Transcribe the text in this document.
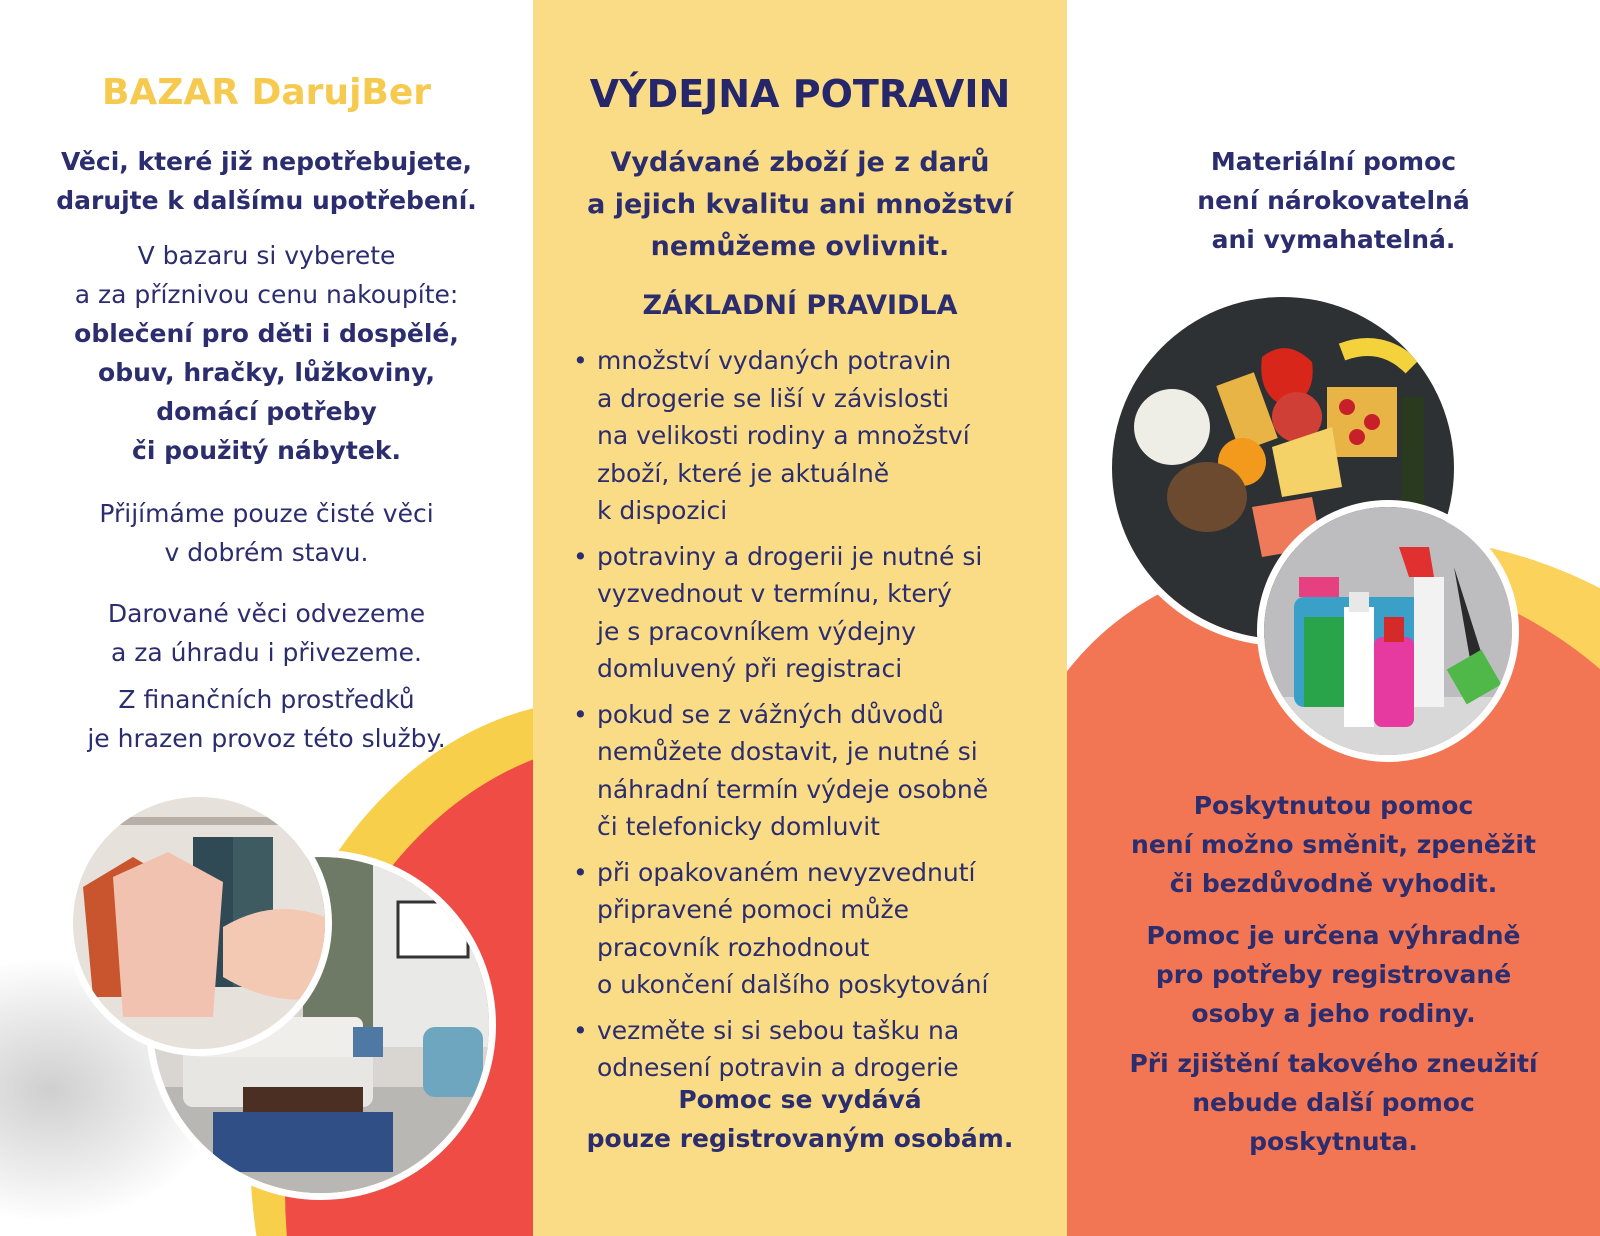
BAZAR DarujBer
Věci, které již nepotřebujete,
darujte k dalšímu upotřebení.
V bazaru si vyberete
a za příznivou cenu nakoupíte:
oblečení pro děti i dospělé,
obuv, hračky, lůžkoviny,
domácí potřeby
či použitý nábytek.
Přijímáme pouze čisté věci
v dobrém stavu.
Darované věci odvezeme
a za úhradu i přivezeme.
Z finančních prostředků
je hrazen provoz této služby.
VÝDEJNA POTRAVIN
Vydávané zboží je z darů
a jejich kvalitu ani množství
nemůžeme ovlivnit.
ZÁKLADNÍ PRAVIDLA
• množství vydaných potravin
a drogerie se liší v závislosti
na velikosti rodiny a množství
zboží, které je aktuálně
k dispozici
• potraviny a drogerii je nutné si
vyzvednout v termínu, který
je s pracovníkem výdejny
domluvený při registraci
• pokud se z vážných důvodů
nemůžete dostavit, je nutné si
náhradní termín výdeje osobně
či telefonicky domluvit
• při opakovaném nevyzvednutí
připravené pomoci může
pracovník rozhodnout
o ukončení dalšího poskytování
• vezměte si si sebou tašku na
odnesení potravin a drogerie
Pomoc se vydává
pouze registrovaným osobám.
Materiální pomoc
není nárokovatelná
ani vymahatelná.
Poskytnutou pomoc
není možno směnit, zpeněžit
či bezdůvodně vyhodit.
Pomoc je určena výhradně
pro potřeby registrované
osoby a jeho rodiny.
Při zjištění takového zneužití
nebude další pomoc
poskytnuta.
